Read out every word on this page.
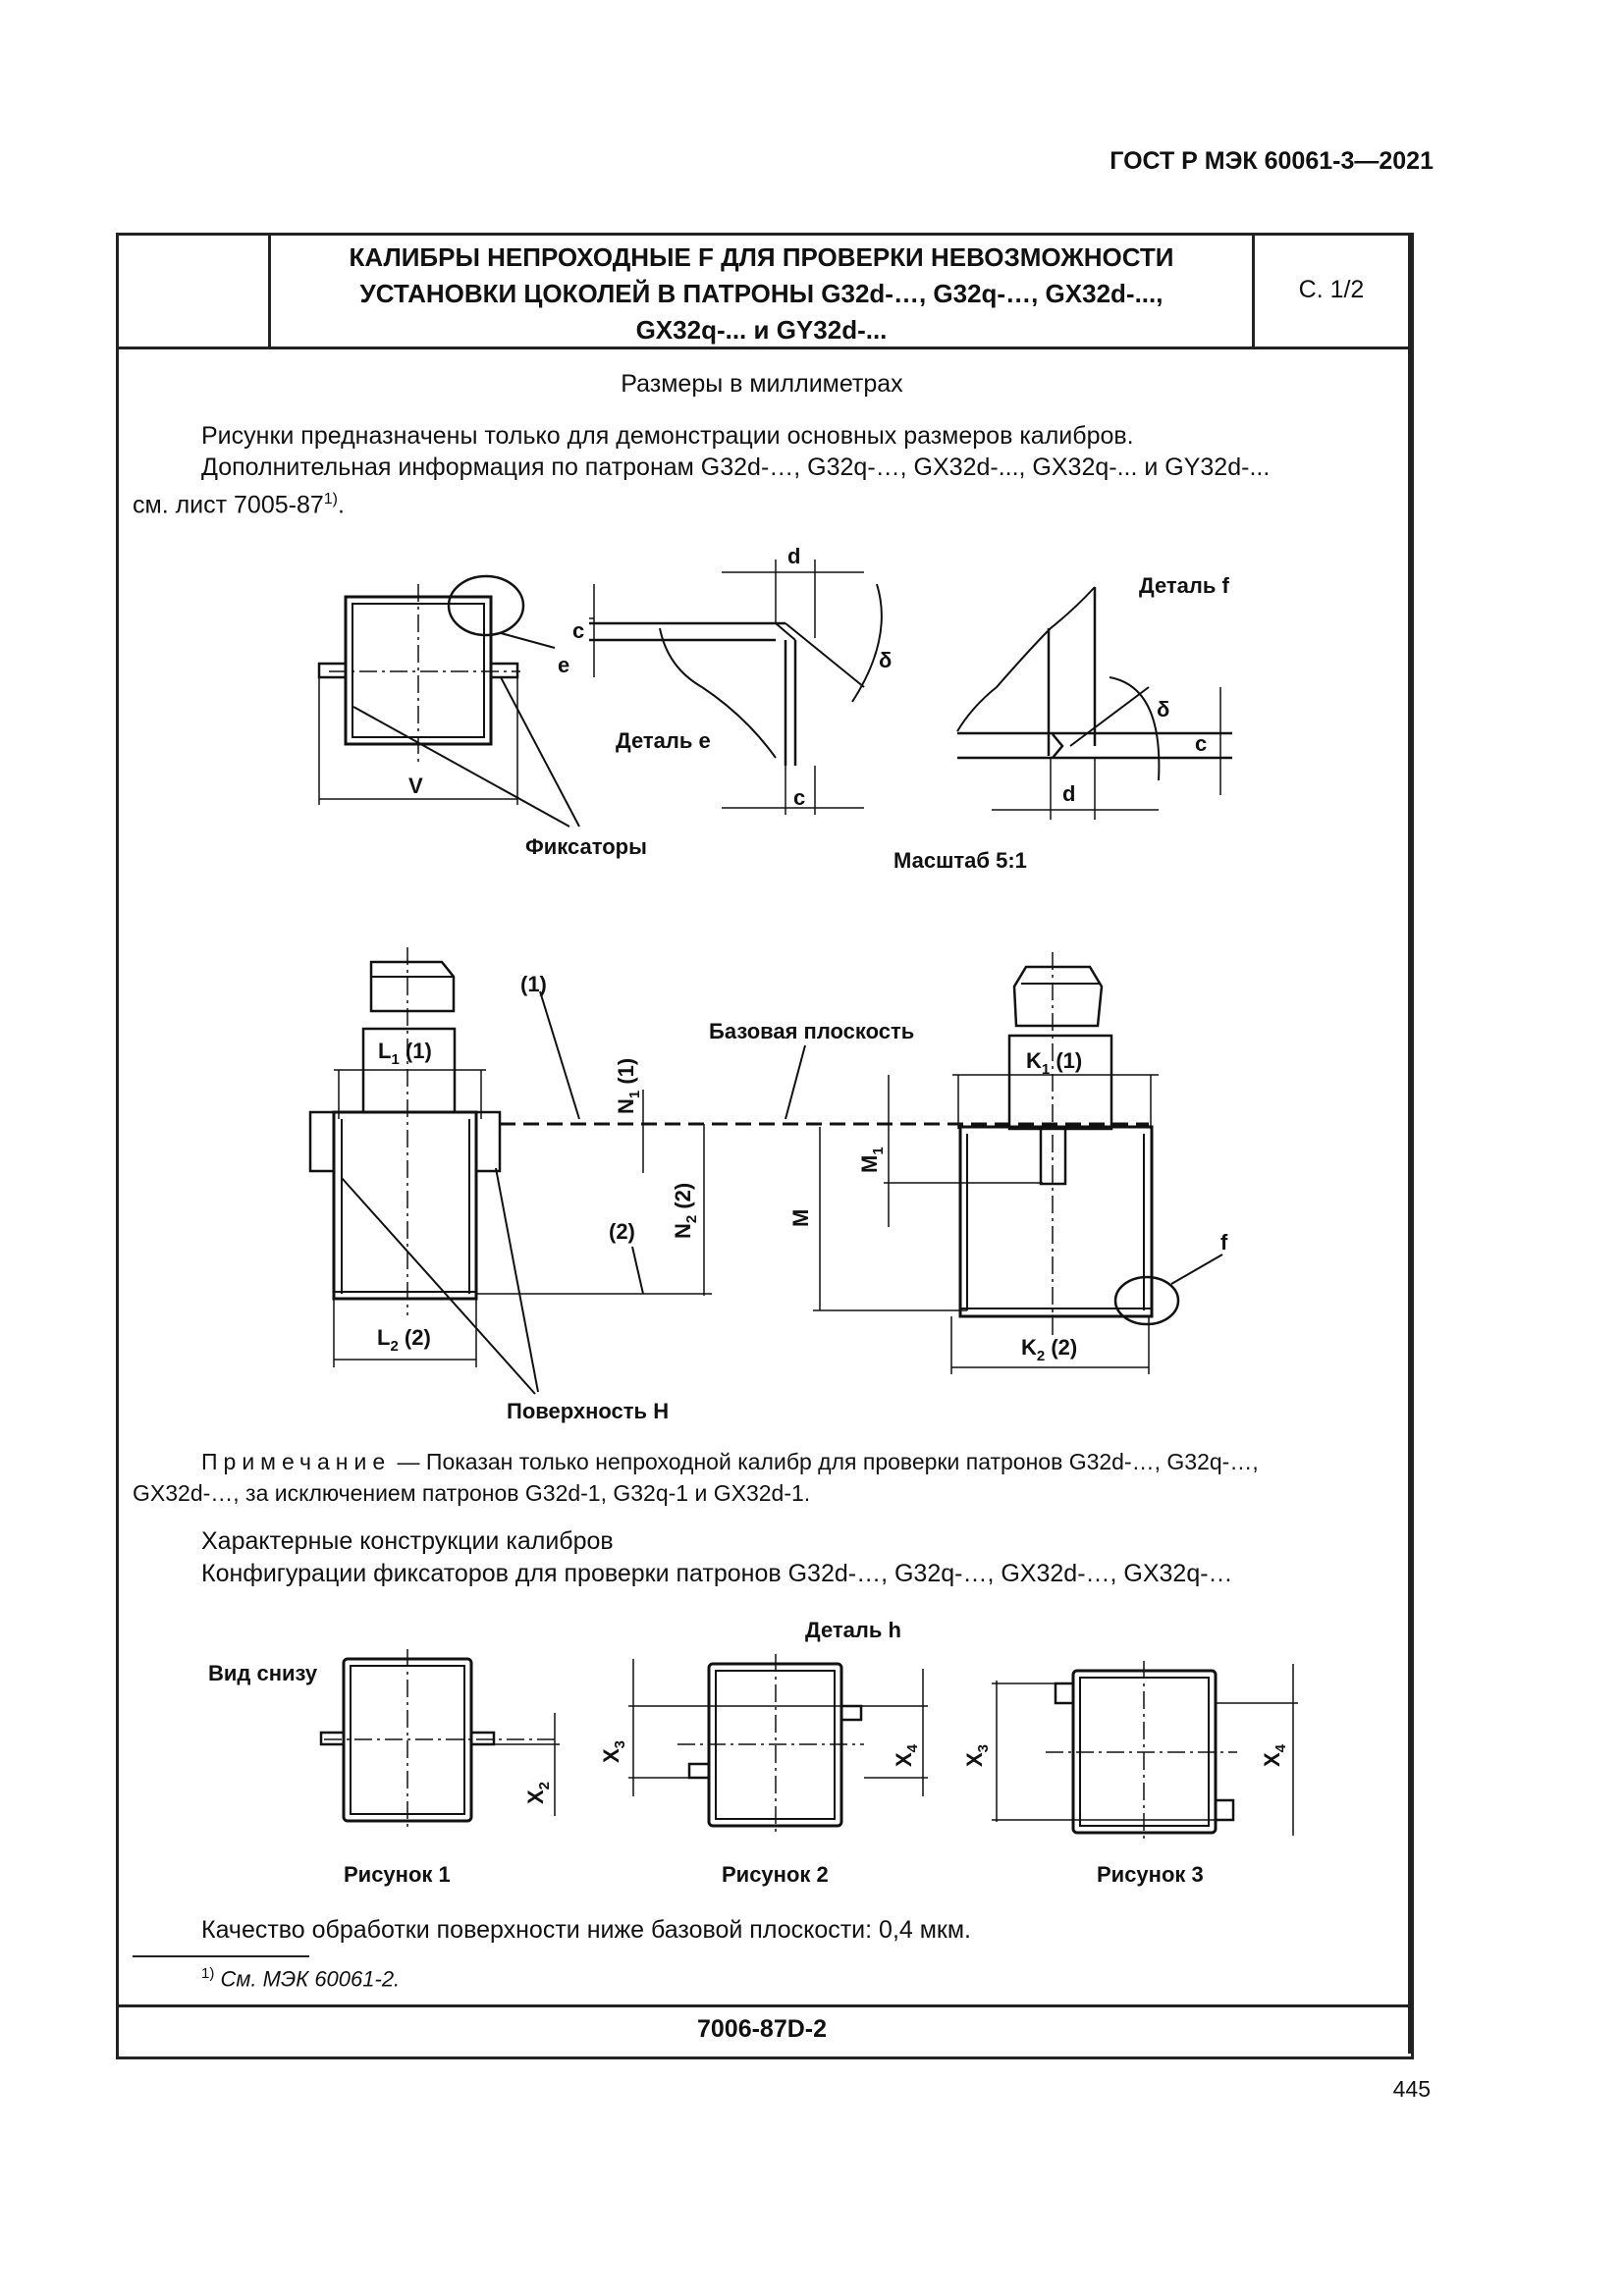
ГОСТ Р МЭК 60061-3—2021
КАЛИБРЫ НЕПРОХОДНЫЕ F ДЛЯ ПРОВЕРКИ НЕВОЗМОЖНОСТИ
УСТАНОВКИ ЦОКОЛЕЙ В ПАТРОНЫ G32d-…, G32q-…, GX32d-...,
GX32q-... и GY32d-...
С. 1/2
Размеры в миллиметрах
Рисунки предназначены только для демонстрации основных размеров калибров.
Дополнительная информация по патронам G32d-…, G32q-…, GX32d-..., GX32q-... и GY32d-...
см. лист 7005-87$^{1)}$.
e
V
Фиксаторы
d
c
δ
Деталь e
c
Деталь f
δ
c
d
Масштаб 5:1
$L_1$ (1)
$L_2$ (2)
(1)
(2)
Базовая плоскость
$N_1$ (1)
$N_2$ (2)
M
$M_1$
$K_1$ (1)
$K_2$ (2)
f
Поверхность H
Примечание — Показан только непроходной калибр для проверки патронов G32d-…, G32q-…,
GX32d-…, за исключением патронов G32d-1, G32q-1 и GX32d-1.
Характерные конструкции калибров
Конфигурации фиксаторов для проверки патронов G32d-…, G32q-…, GX32d-…, GX32q-…
Вид снизу
Деталь h
$X_2$
$X_3$
$X_4$
$X_3$
$X_4$
Рисунок 1	Рисунок 2	Рисунок 3
Качество обработки поверхности ниже базовой плоскости: 0,4 мкм.
$^{1)}$ См. МЭК 60061-2.
7006-87D-2
445
